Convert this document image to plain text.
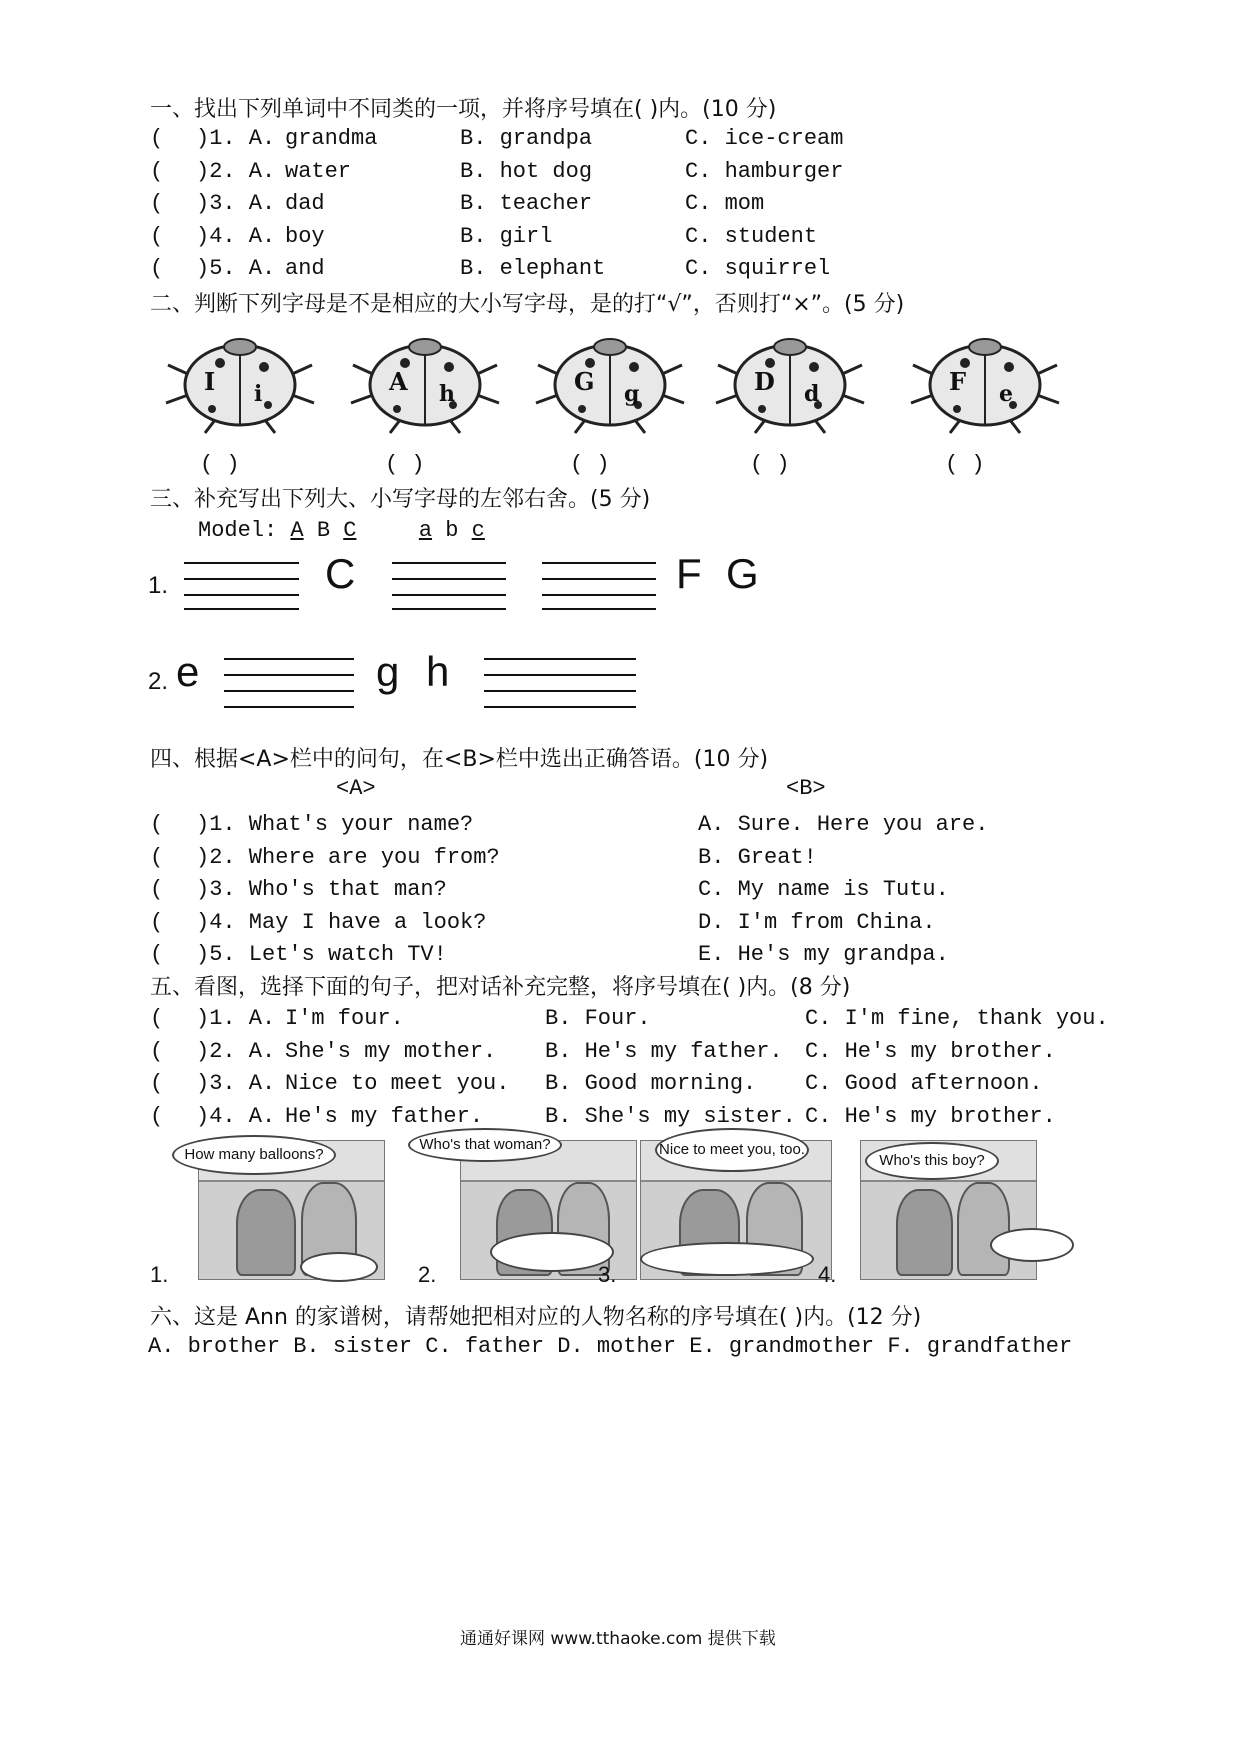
一、找出下列单词中不同类的一项，并将序号填在( )内。(10 分)
( )1. A. grandma	B. grandpa	C. ice-cream
( )2. A. water	B. hot dog	C. hamburger
( )3. A. dad	B. teacher	C. mom
( )4. A. boy	B. girl	C. student
( )5. A. and	B. elephant	C. squirrel
二、判断下列字母是不是相应的大小写字母，是的打“√”，否则打“×”。(5 分)
I i
( )
A h
( )
G g
( )
D d
( )
F e
( )
三、补充写出下列大、小写字母的左邻右舍。(5 分)
Model: A B C	a b c
1.	C	F G
2. e	g h
四、根据<A>栏中的问句，在<B>栏中选出正确答语。(10 分)
<A>	<B>
( )1. What's your name?	A. Sure. Here you are.
( )2. Where are you from?	B. Great!
( )3. Who's that man?	C. My name is Tutu.
( )4. May I have a look?	D. I'm from China.
( )5. Let's watch TV!	E. He's my grandpa.
五、看图，选择下面的句子，把对话补充完整，将序号填在( )内。(8 分)
( )1. A. I'm four.	B. Four.	C. I'm fine, thank you.
( )2. A. She's my mother. B. He's my father. C. He's my brother.
( )3. A. Nice to meet you. B. Good morning. C. Good afternoon.
( )4. A. He's my father.	B. She's my sister. C. He's my brother.
1.
How many balloons?
2.
Who's that woman?
3.
Nice to meet you, too.
4.
Who's this boy?
六、这是 Ann 的家谱树，请帮她把相对应的人物名称的序号填在( )内。(12 分)
A. brother B. sister C. father D. mother E. grandmother F. grandfather
通通好课网 www.tthaoke.com 提供下载
